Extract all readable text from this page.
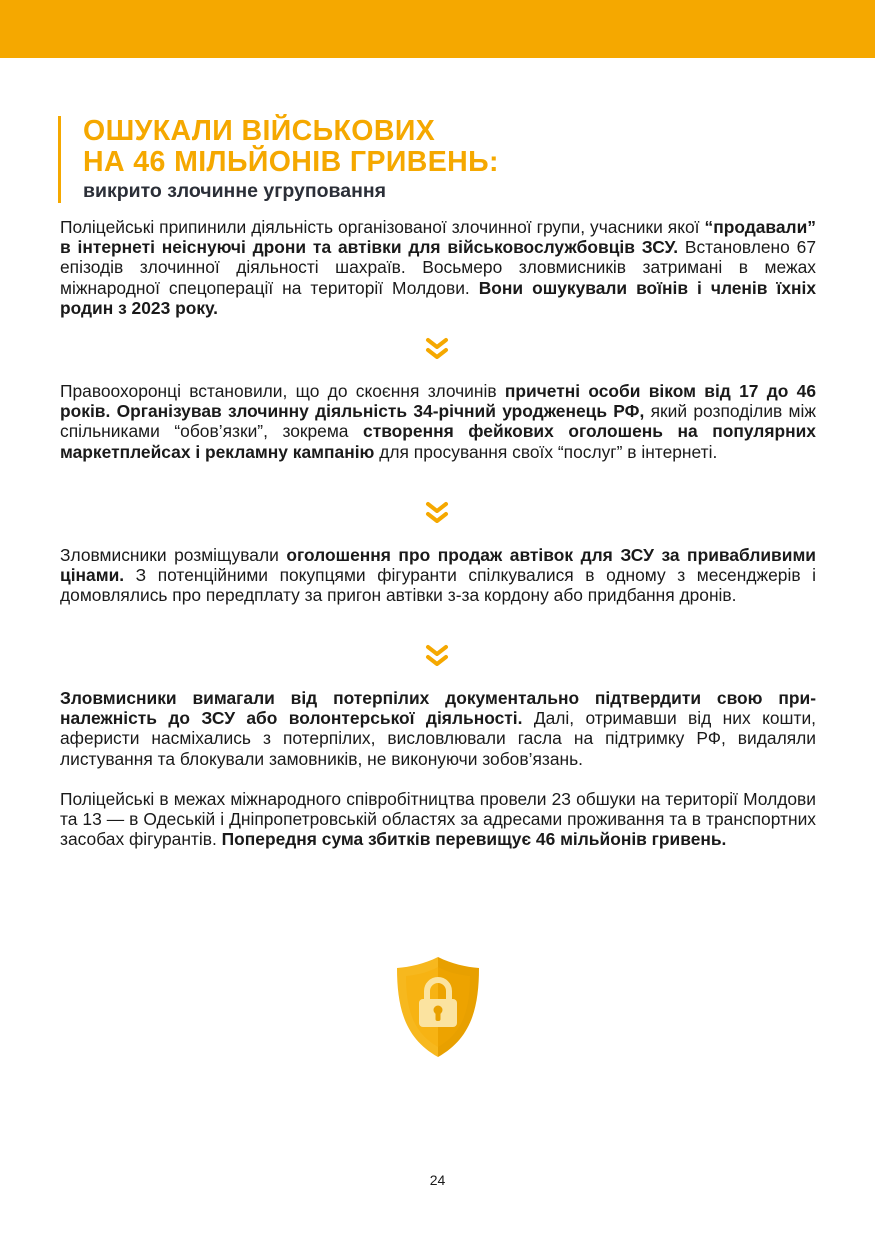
ОШУКАЛИ ВІЙСЬКОВИХ
НА 46 МІЛЬЙОНІВ ГРИВЕНЬ:
викрито злочинне угруповання
Поліцейські припинили діяльність організованої злочинної групи, учасники якої “продавали” в інтернеті неіснуючі дрони та автівки для військовослужбовців ЗСУ. Встановлено 67 епізодів злочинної діяльності шахраїв. Восьмеро зловмисників затримані в межах міжнародної спецоперації на території Молдови. Вони ошукували воїнів і членів їхніх родин з 2023 року.
Правоохоронці встановили, що до скоєння злочинів причетні особи віком від 17 до 46 років. Організував злочинну діяльність 34-річний уродженець РФ, який розподілив між спільниками “обов’язки”, зокрема створення фейкових оголошень на популярних маркетплейсах і рекламну кампанію для просування своїх “послуг” в інтернеті.
Зловмисники розміщували оголошення про продаж автівок для ЗСУ за привабливими цінами. З потенційними покупцями фігуранти спілкувалися в одному з месенджерів і домовлялись про передплату за пригон автівки з-за кордону або придбання дронів.
Зловмисники вимагали від потерпілих документально підтвердити свою приналежність до ЗСУ або волонтерської діяльності. Далі, отримавши від них кошти, аферисти насміхались з потерпілих, висловлювали гасла на підтримку РФ, видаляли листування та блокували замовників, не виконуючи зобов’язань.
Поліцейські в межах міжнародного співробітництва провели 23 обшуки на території Молдови та 13 — в Одеській і Дніпропетровській областях за адресами проживання та в транспортних засобах фігурантів. Попередня сума збитків перевищує 46 мільйонів гривень.
24
